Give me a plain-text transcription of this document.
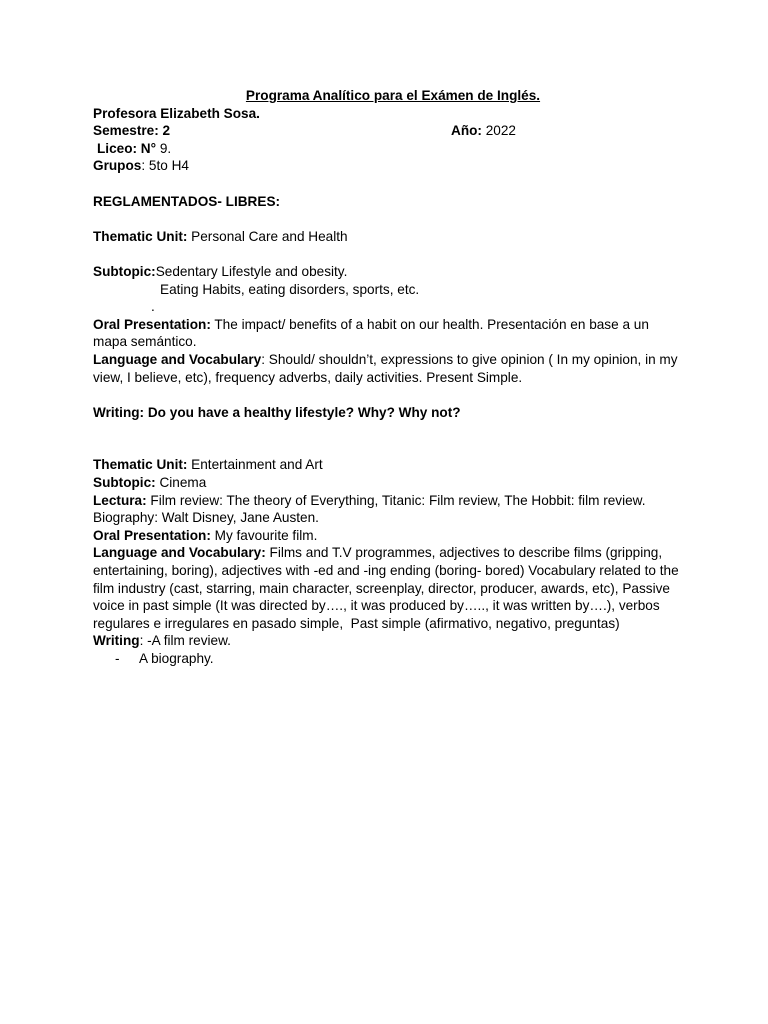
Programa Analítico para el Exámen de Inglés.
Profesora Elizabeth Sosa.
Semestre: 2	Año: 2022
Liceo: N° 9.
Grupos: 5to H4
REGLAMENTADOS- LIBRES:
Thematic Unit: Personal Care and Health
Subtopic:Sedentary Lifestyle and obesity.
Eating Habits, eating disorders, sports, etc.
.
Oral Presentation: The impact/ benefits of a habit on our health. Presentación en base a un mapa semántico.
Language and Vocabulary: Should/ shouldn’t, expressions to give opinion ( In my opinion, in my view, I believe, etc), frequency adverbs, daily activities. Present Simple.
Writing: Do you have a healthy lifestyle? Why? Why not?
Thematic Unit: Entertainment and Art
Subtopic: Cinema
Lectura: Film review: The theory of Everything, Titanic: Film review, The Hobbit: film review. Biography: Walt Disney, Jane Austen.
Oral Presentation: My favourite film.
Language and Vocabulary: Films and T.V programmes, adjectives to describe films (gripping, entertaining, boring), adjectives with -ed and -ing ending (boring- bored) Vocabulary related to the film industry (cast, starring, main character, screenplay, director, producer, awards, etc), Passive voice in past simple (It was directed by…., it was produced by….., it was written by….), verbos regulares e irregulares en pasado simple,  Past simple (afirmativo, negativo, preguntas)
Writing: -A film review.
-	A biography.
